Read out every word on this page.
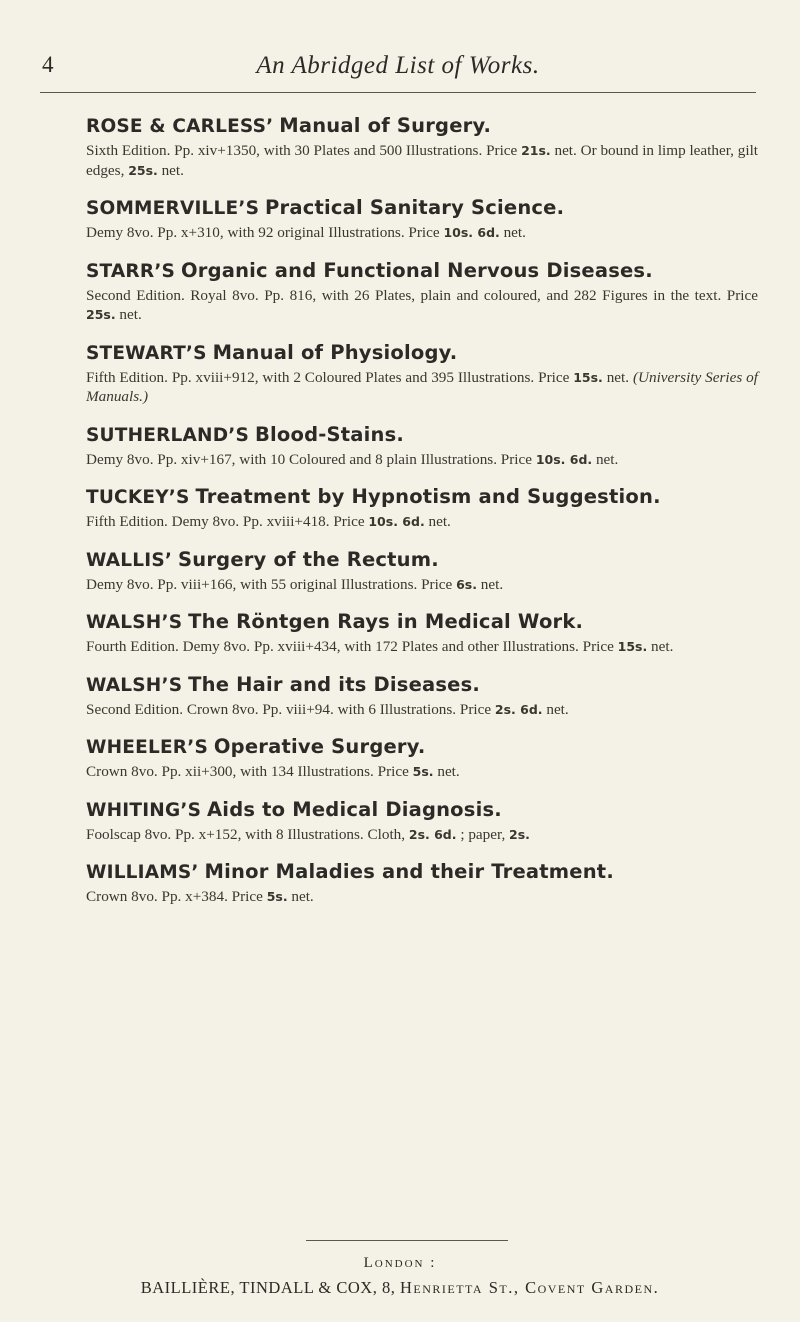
4	An Abridged List of Works.
ROSE & CARLESS’ Manual of Surgery.
Sixth Edition. Pp. xiv+1350, with 30 Plates and 500 Illustrations. Price 21s. net. Or bound in limp leather, gilt edges, 25s. net.
SOMMERVILLE’S Practical Sanitary Science.
Demy 8vo. Pp. x+310, with 92 original Illustrations. Price 10s. 6d. net.
STARR’S Organic and Functional Nervous Diseases.
Second Edition. Royal 8vo. Pp. 816, with 26 Plates, plain and coloured, and 282 Figures in the text. Price 25s. net.
STEWART’S Manual of Physiology.
Fifth Edition. Pp. xviii+912, with 2 Coloured Plates and 395 Illustrations. Price 15s. net. (University Series of Manuals.)
SUTHERLAND’S Blood-Stains.
Demy 8vo. Pp. xiv+167, with 10 Coloured and 8 plain Illustrations. Price 10s. 6d. net.
TUCKEY’S Treatment by Hypnotism and Suggestion.
Fifth Edition. Demy 8vo. Pp. xviii+418. Price 10s. 6d. net.
WALLIS’ Surgery of the Rectum.
Demy 8vo. Pp. viii+166, with 55 original Illustrations. Price 6s. net.
WALSH’S The Röntgen Rays in Medical Work.
Fourth Edition. Demy 8vo. Pp. xviii+434, with 172 Plates and other Illustrations. Price 15s. net.
WALSH’S The Hair and its Diseases.
Second Edition. Crown 8vo. Pp. viii+94. with 6 Illustrations. Price 2s. 6d. net.
WHEELER’S Operative Surgery.
Crown 8vo. Pp. xii+300, with 134 Illustrations. Price 5s. net.
WHITING’S Aids to Medical Diagnosis.
Foolscap 8vo. Pp. x+152, with 8 Illustrations. Cloth, 2s. 6d. ; paper, 2s.
WILLIAMS’ Minor Maladies and their Treatment.
Crown 8vo. Pp. x+384. Price 5s. net.
London :
BAILLIÈRE, TINDALL & COX, 8, Henrietta St., Covent Garden.
